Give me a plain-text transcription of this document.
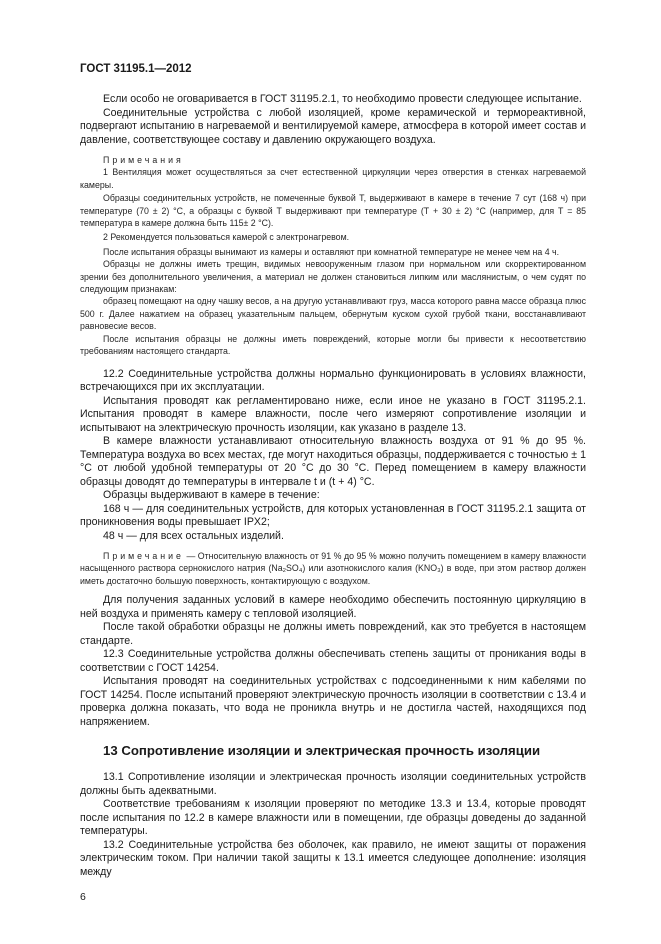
ГОСТ 31195.1—2012

Если особо не оговаривается в ГОСТ 31195.2.1, то необходимо провести следующее испытание.

Соединительные устройства с любой изоляцией, кроме керамической и термореактивной, подвергают испытанию в нагреваемой и вентилируемой камере, атмосфера в которой имеет состав и давление, соответствующее составу и давлению окружающего воздуха.

Примечания

1 Вентиляция может осуществляться за счет естественной циркуляции через отверстия в стенках нагреваемой камеры.

Образцы соединительных устройств, не помеченные буквой Т, выдерживают в камере в течение 7 сут (168 ч) при температуре (70 ± 2) °С, а образцы с буквой Т выдерживают при температуре (Т + 30 ± 2) °С (например, для Т = 85 температура в камере должна быть 115± 2 °С).

2 Рекомендуется пользоваться камерой с электронагревом.

После испытания образцы вынимают из камеры и оставляют при комнатной температуре не менее чем на 4 ч.

Образцы не должны иметь трещин, видимых невооруженным глазом при нормальном или скорректированном зрении без дополнительного увеличения, а материал не должен становиться липким или маслянистым, о чем судят по следующим признакам:

образец помещают на одну чашку весов, а на другую устанавливают груз, масса которого равна массе образца плюс 500 г. Далее нажатием на образец указательным пальцем, обернутым куском сухой грубой ткани, восстанавливают равновесие весов.

После испытания образцы не должны иметь повреждений, которые могли бы привести к несоответствию требованиям настоящего стандарта.

12.2 Соединительные устройства должны нормально функционировать в условиях влажности, встречающихся при их эксплуатации.

Испытания проводят как регламентировано ниже, если иное не указано в ГОСТ 31195.2.1. Испытания проводят в камере влажности, после чего измеряют сопротивление изоляции и испытывают на электрическую прочность изоляции, как указано в разделе 13.

В камере влажности устанавливают относительную влажность воздуха от 91 % до 95 %. Температура воздуха во всех местах, где могут находиться образцы, поддерживается с точностью ± 1 °С от любой удобной температуры от 20 °С до 30 °С. Перед помещением в камеру влажности образцы доводят до температуры в интервале t и (t + 4) °С.

Образцы выдерживают в камере в течение:

168 ч — для соединительных устройств, для которых установленная в ГОСТ 31195.2.1 защита от проникновения воды превышает IPX2;

48 ч — для всех остальных изделий.

Примечание — Относительную влажность от 91 % до 95 % можно получить помещением в камеру влажности насыщенного раствора сернокислого натрия (Na₂SO₄) или азотнокислого калия (KNO₃) в воде, при этом раствор должен иметь достаточно большую поверхность, контактирующую с воздухом.

Для получения заданных условий в камере необходимо обеспечить постоянную циркуляцию в ней воздуха и применять камеру с тепловой изоляцией.

После такой обработки образцы не должны иметь повреждений, как это требуется в настоящем стандарте.

12.3 Соединительные устройства должны обеспечивать степень защиты от проникания воды в соответствии с ГОСТ 14254.

Испытания проводят на соединительных устройствах с подсоединенными к ним кабелями по ГОСТ 14254. После испытаний проверяют электрическую прочность изоляции в соответствии с 13.4 и проверка должна показать, что вода не проникла внутрь и не достигла частей, находящихся под напряжением.

13 Сопротивление изоляции и электрическая прочность изоляции

13.1 Сопротивление изоляции и электрическая прочность изоляции соединительных устройств должны быть адекватными.

Соответствие требованиям к изоляции проверяют по методике 13.3 и 13.4, которые проводят после испытания по 12.2 в камере влажности или в помещении, где образцы доведены до заданной температуры.

13.2 Соединительные устройства без оболочек, как правило, не имеют защиты от поражения электрическим током. При наличии такой защиты к 13.1 имеется следующее дополнение: изоляция между

6
